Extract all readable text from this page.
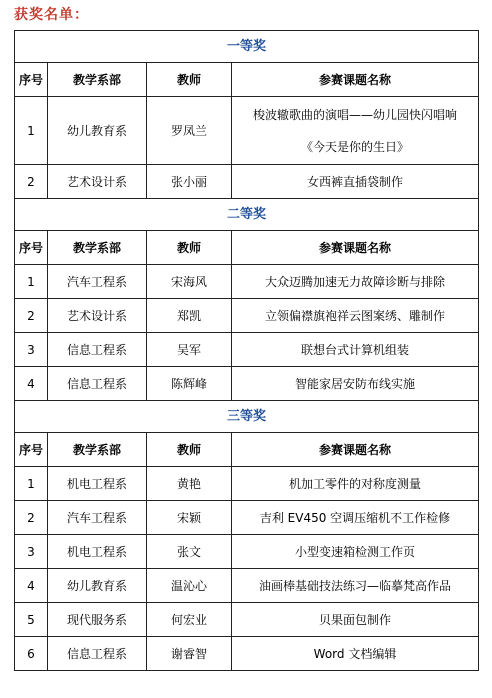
获奖名单：
一等奖			
序号	教学系部	教师	参赛课题名称
1	幼儿教育系	罗凤兰	梭波辙歌曲的演唱——幼儿园快闪唱响
《今天是你的生日》

2	艺术设计系	张小丽	女西裤直插袋制作
二等奖			
序号	教学系部	教师	参赛课题名称
1	汽车工程系	宋海风	大众迈腾加速无力故障诊断与排除
2	艺术设计系	郑凯	立领偏襟旗袍祥云图案绣、雕制作
3	信息工程系	吴军	联想台式计算机组装
4	信息工程系	陈辉峰	智能家居安防布线实施
三等奖			
序号	教学系部	教师	参赛课题名称
1	机电工程系	黄艳	机加工零件的对称度测量
2	汽车工程系	宋颖	吉利 EV450 空调压缩机不工作检修
3	机电工程系	张文	小型变速箱检测工作页
4	幼儿教育系	温沁心	油画棒基础技法练习—临摹梵高作品
5	现代服务系	何宏业	贝果面包制作
6	信息工程系	谢睿智	Word 文档编辑
